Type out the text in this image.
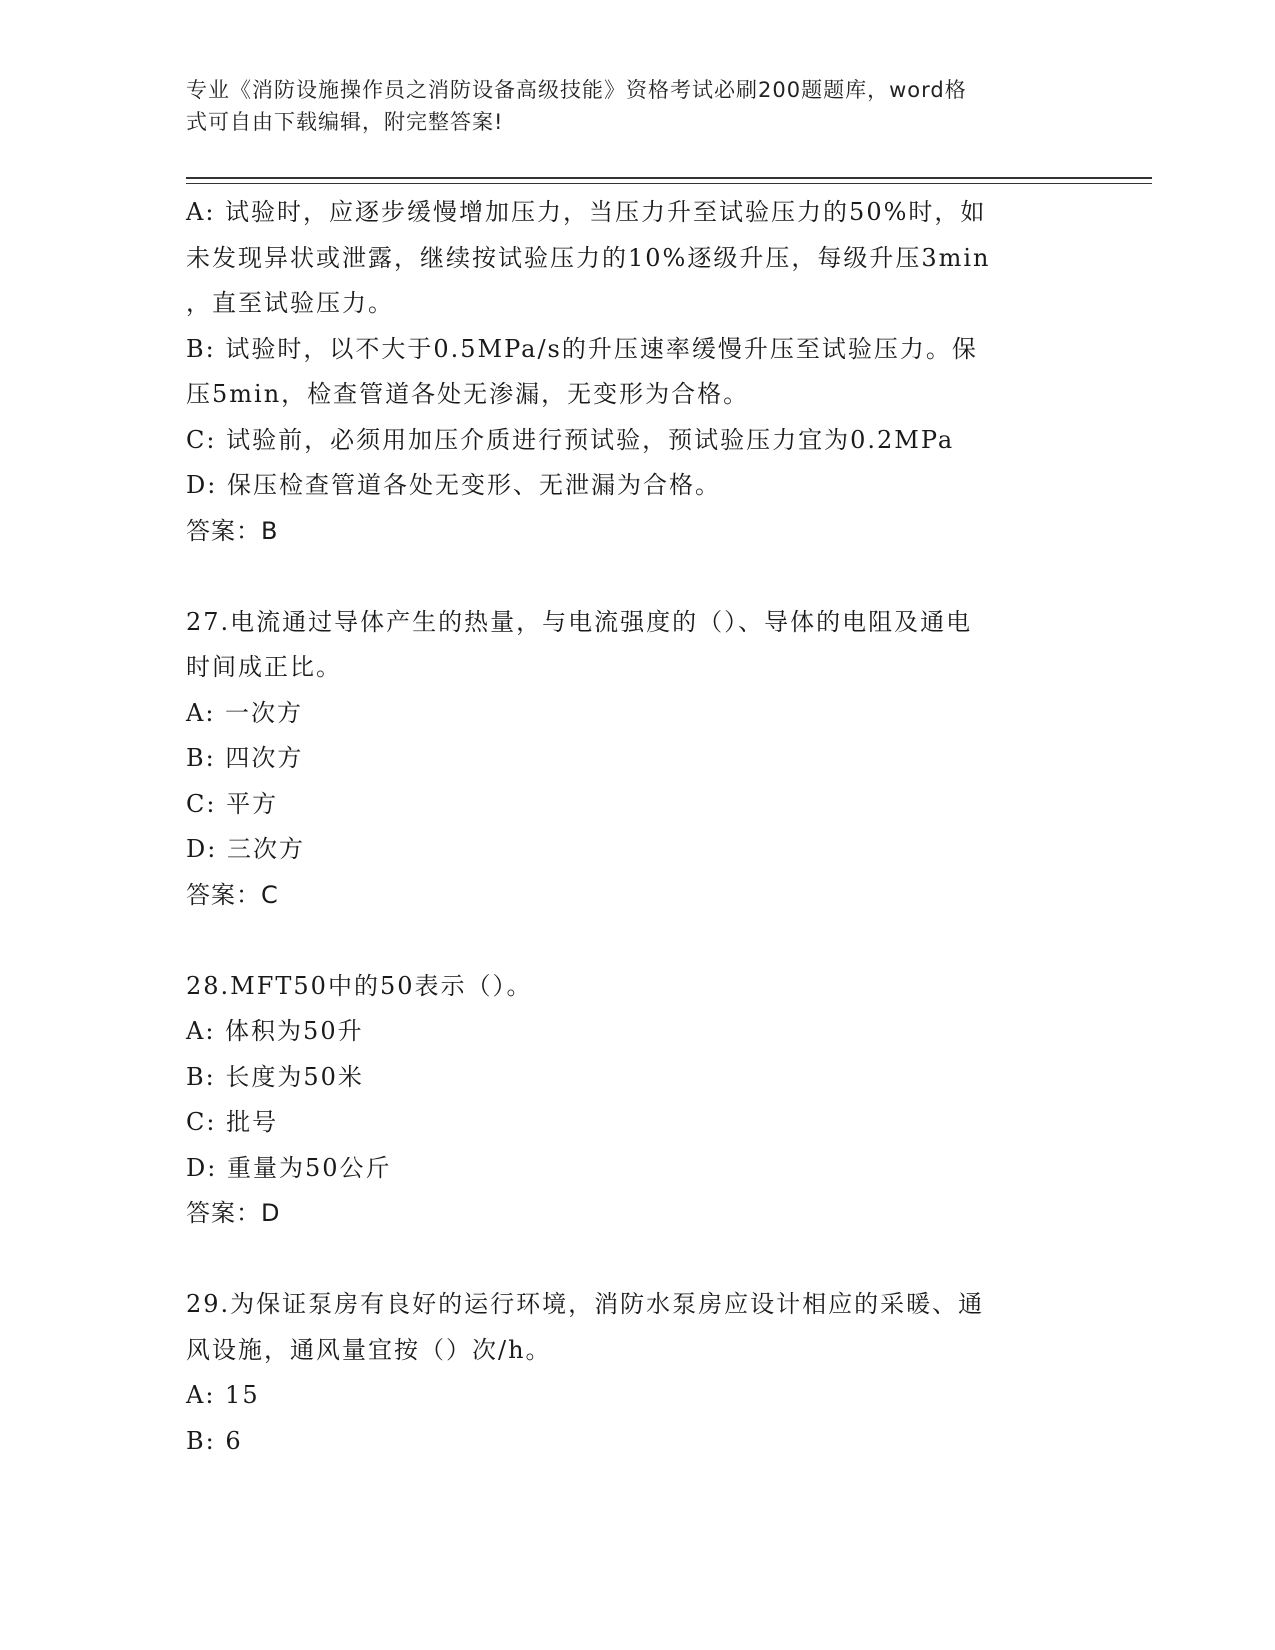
专业《消防设施操作员之消防设备高级技能》资格考试必刷200题题库，word格
式可自由下载编辑，附完整答案!
A: 试验时，应逐步缓慢增加压力，当压力升至试验压力的50%时，如
未发现异状或泄露，继续按试验压力的10%逐级升压，每级升压3min
，直至试验压力。
B: 试验时，以不大于0.5MPa/s的升压速率缓慢升压至试验压力。保
压5min，检查管道各处无渗漏，无变形为合格。
C: 试验前，必须用加压介质进行预试验，预试验压力宜为0.2MPa
D: 保压检查管道各处无变形、无泄漏为合格。
答案：B
27.电流通过导体产生的热量，与电流强度的（）、导体的电阻及通电
时间成正比。
A: 一次方
B: 四次方
C: 平方
D: 三次方
答案：C
28.MFT50中的50表示（）。
A: 体积为50升
B: 长度为50米
C: 批号
D: 重量为50公斤
答案：D
29.为保证泵房有良好的运行环境，消防水泵房应设计相应的采暖、通
风设施，通风量宜按（）次/h。
A: 15
B: 6
